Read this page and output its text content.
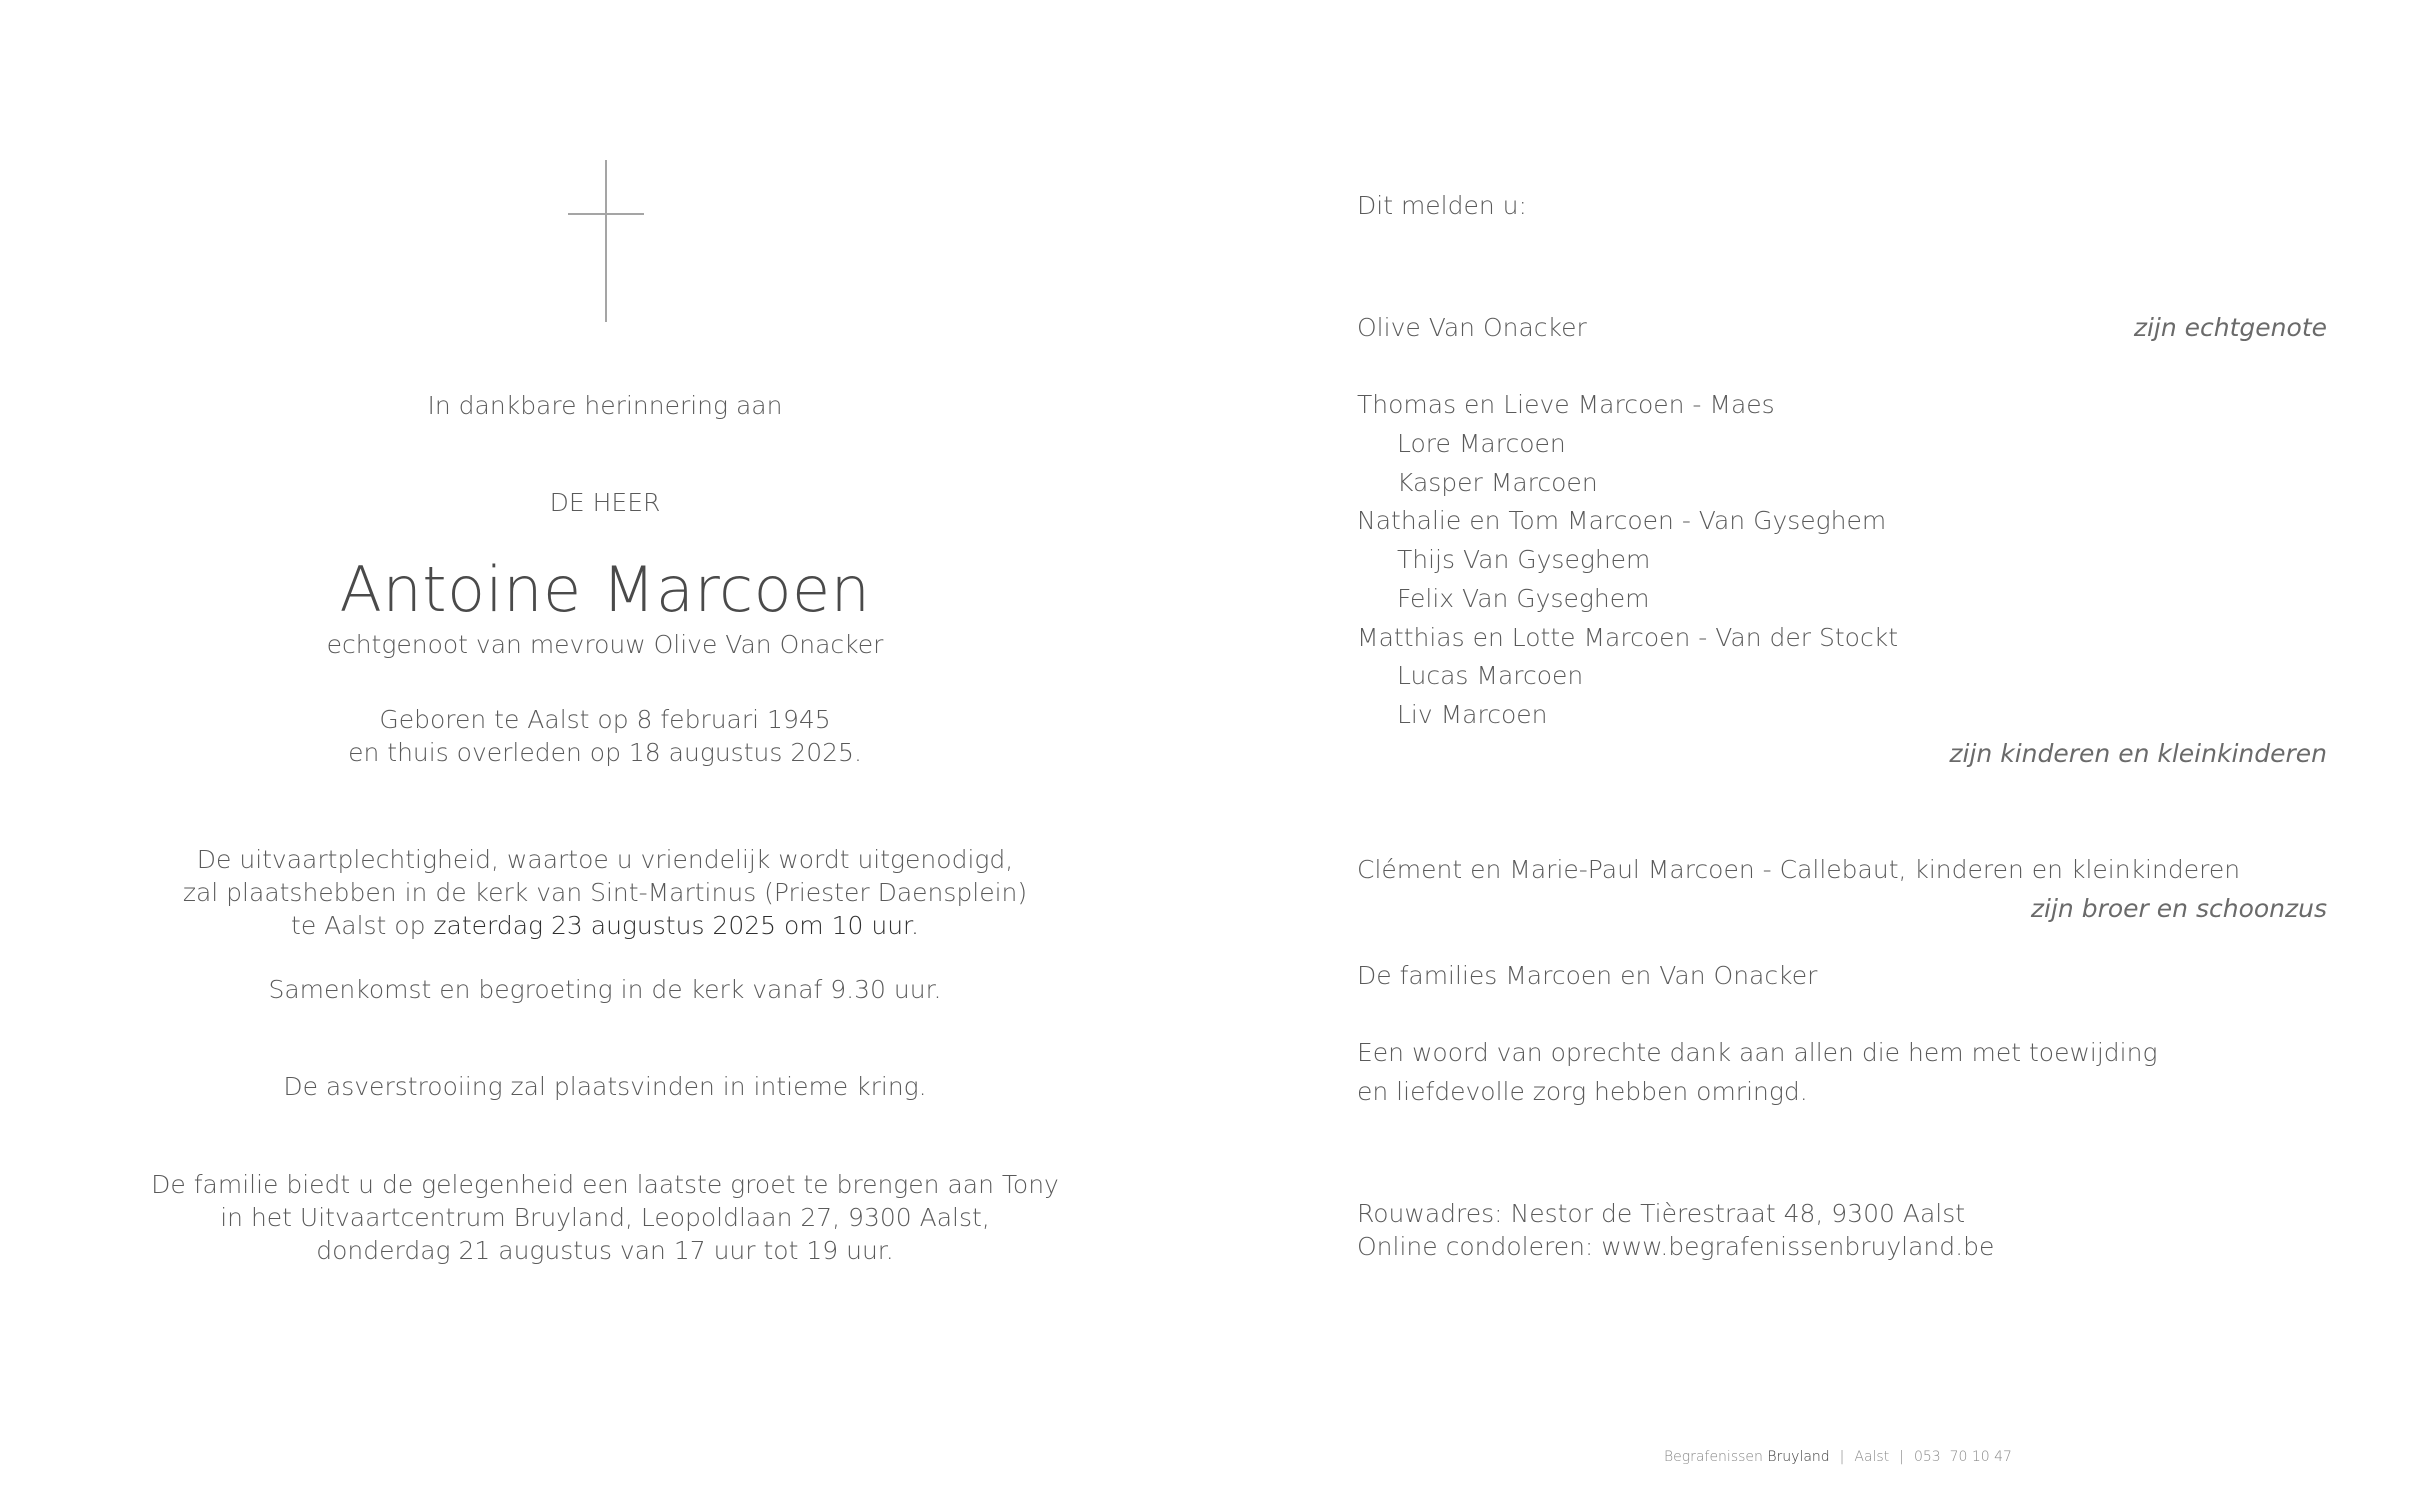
In dankbare herinnering aan
DE HEER
Antoine Marcoen
echtgenoot van mevrouw Olive Van Onacker
Geboren te Aalst op 8 februari 1945
en thuis overleden op 18 augustus 2025.
De uitvaartplechtigheid, waartoe u vriendelijk wordt uitgenodigd,
zal plaatshebben in de kerk van Sint-Martinus (Priester Daensplein)
te Aalst op zaterdag 23 augustus 2025 om 10 uur.
Samenkomst en begroeting in de kerk vanaf 9.30 uur.
De asverstrooiing zal plaatsvinden in intieme kring.
De familie biedt u de gelegenheid een laatste groet te brengen aan Tony
in het Uitvaartcentrum Bruyland, Leopoldlaan 27, 9300 Aalst,
donderdag 21 augustus van 17 uur tot 19 uur.
Dit melden u:
Olive Van Onacker	zijn echtgenote
Thomas en Lieve Marcoen - Maes
Lore Marcoen
Kasper Marcoen
Nathalie en Tom Marcoen - Van Gyseghem
Thijs Van Gyseghem
Felix Van Gyseghem
Matthias en Lotte Marcoen - Van der Stockt
Lucas Marcoen
Liv Marcoen
zijn kinderen en kleinkinderen
Clément en Marie-Paul Marcoen - Callebaut, kinderen en kleinkinderen
zijn broer en schoonzus
De families Marcoen en Van Onacker
Een woord van oprechte dank aan allen die hem met toewijding
en liefdevolle zorg hebben omringd.
Rouwadres: Nestor de Tièrestraat 48, 9300 Aalst
Online condoleren: www.begrafenissenbruyland.be
Begrafenissen Bruyland | Aalst | 053  70 10 47
